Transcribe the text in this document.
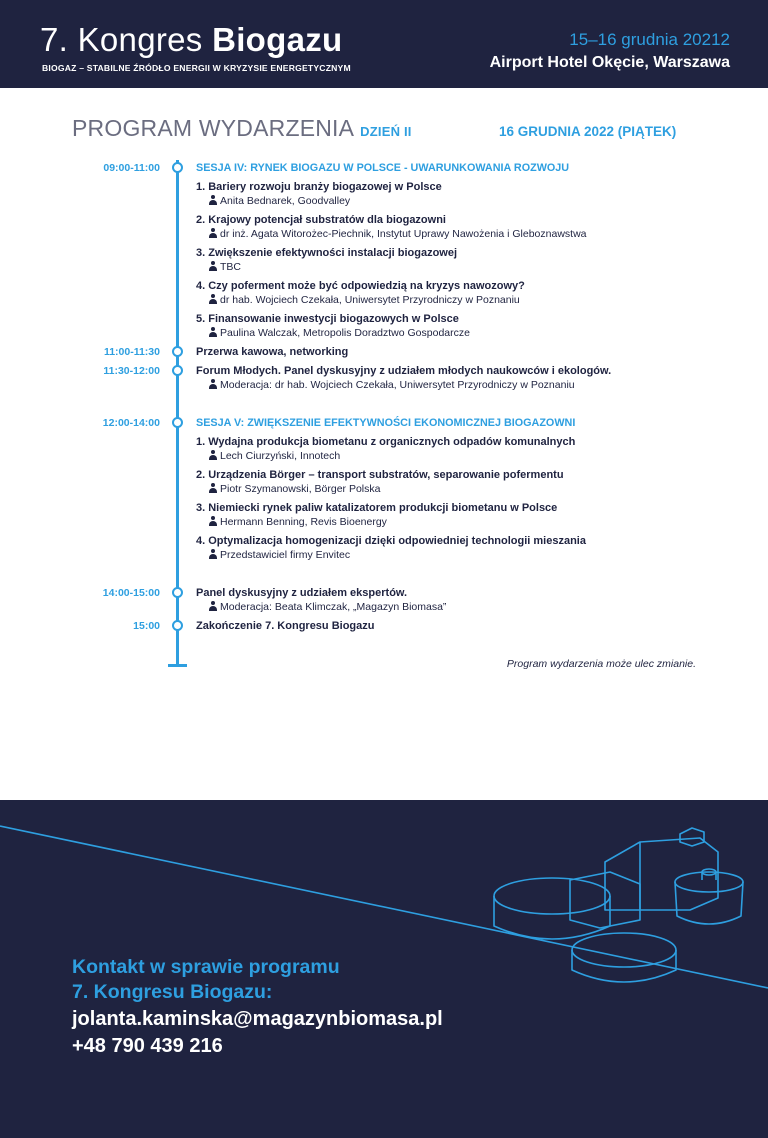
7. Kongres Biogazu
BIOGAZ – STABILNE ŹRÓDŁO ENERGII W KRYZYSIE ENERGETYCZNYM
15–16 grudnia 20212
Airport Hotel Okęcie, Warszawa
PROGRAM WYDARZENIA DZIEŃ II	16 GRUDNIA 2022 (PIĄTEK)
09:00-11:00	SESJA IV: RYNEK BIOGAZU W POLSCE - UWARUNKOWANIA ROZWOJU
1. Bariery rozwoju branży biogazowej w Polsce
Anita Bednarek, Goodvalley
2. Krajowy potencjał substratów dla biogazowni
dr inż. Agata Witorożec-Piechnik, Instytut Uprawy Nawożenia i Gleboznawstwa
3. Zwiększenie efektywności instalacji biogazowej
TBC
4. Czy poferment może być odpowiedzią na kryzys nawozowy?
dr hab. Wojciech Czekała, Uniwersytet Przyrodniczy w Poznaniu
5. Finansowanie inwestycji biogazowych w Polsce
Paulina Walczak, Metropolis Doradztwo Gospodarcze
11:00-11:30	Przerwa kawowa, networking
11:30-12:00	Forum Młodych. Panel dyskusyjny z udziałem młodych naukowców i ekologów.
Moderacja: dr hab. Wojciech Czekała, Uniwersytet Przyrodniczy w Poznaniu
12:00-14:00	SESJA V: ZWIĘKSZENIE EFEKTYWNOŚCI EKONOMICZNEJ BIOGAZOWNI
1. Wydajna produkcja biometanu z organicznych odpadów komunalnych
Lech Ciurzyński, Innotech
2. Urządzenia Börger – transport substratów, separowanie pofermentu
Piotr Szymanowski, Börger Polska
3. Niemiecki rynek paliw katalizatorem produkcji biometanu w Polsce
Hermann Benning, Revis Bioenergy
4. Optymalizacja homogenizacji dzięki odpowiedniej technologii mieszania
Przedstawiciel firmy Envitec
14:00-15:00	Panel dyskusyjny z udziałem ekspertów.
Moderacja: Beata Klimczak, „Magazyn Biomasa”
15:00	Zakończenie 7. Kongresu Biogazu
Program wydarzenia może ulec zmianie.
Kontakt w sprawie programu
7. Kongresu Biogazu:
jolanta.kaminska@magazynbiomasa.pl
+48 790 439 216
